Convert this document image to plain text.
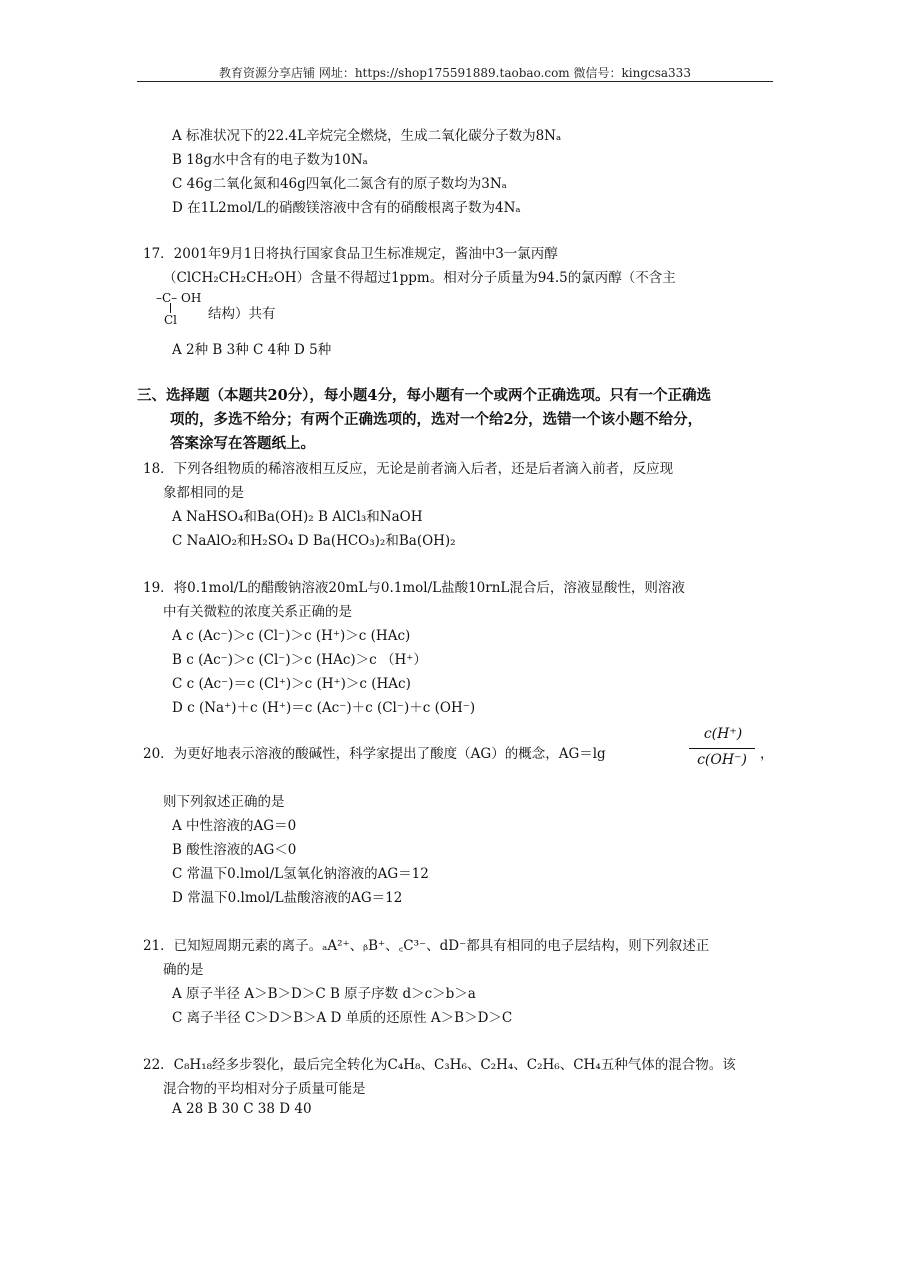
教育资源分享店铺 网址：https://shop175591889.taobao.com 微信号：kingcsa333
A 标准状况下的22.4L辛烷完全燃烧，生成二氧化碳分子数为8Nₐ
B 18g水中含有的电子数为10Nₐ
C 46g二氧化氮和46g四氧化二氮含有的原子数均为3Nₐ
D 在1L2mol/L的硝酸镁溶液中含有的硝酸根离子数为4Nₐ
17．2001年9月1日将执行国家食品卫生标准规定，酱油中3一氯丙醇
（ClCH₂CH₂CH₂OH）含量不得超过1ppm。相对分子质量为94.5的氯丙醇（不含主
–C– OH
Cl 结构）共有
A 2种 B 3种 C 4种 D 5种
三、选择题（本题共20分），每小题4分，每小题有一个或两个正确选项。只有一个正确选
项的，多选不给分；有两个正确选项的，选对一个给2分，选错一个该小题不给分，
答案涂写在答题纸上。
18．下列各组物质的稀溶液相互反应，无论是前者滴入后者，还是后者滴入前者，反应现
象都相同的是
A NaHSO₄和Ba(OH)₂ B AlCl₃和NaOH
C NaAlO₂和H₂SO₄ D Ba(HCO₃)₂和Ba(OH)₂
19．将0.1mol/L的醋酸钠溶液20mL与0.1mol/L盐酸10rnL混合后，溶液显酸性，则溶液
中有关微粒的浓度关系正确的是
A c (Ac⁻)＞c (Cl⁻)＞c (H⁺)＞c (HAc)
B c (Ac⁻)＞c (Cl⁻)＞c (HAc)＞c （H⁺）
C c (Ac⁻)＝c (Cl⁺)＞c (H⁺)＞c (HAc)
D c (Na⁺)＋c (H⁺)＝c (Ac⁻)＋c (Cl⁻)＋c (OH⁻)
20．为更好地表示溶液的酸碱性，科学家提出了酸度（AG）的概念，AG＝lg
c(H⁺)
c(OH⁻) ，
则下列叙述正确的是
A 中性溶液的AG＝0
B 酸性溶液的AG＜0
C 常温下0.lmol/L氢氧化钠溶液的AG＝12
D 常温下0.lmol/L盐酸溶液的AG＝12
21．已知短周期元素的离子。ₐA²⁺、ᵦB⁺、꜀C³⁻、dD⁻都具有相同的电子层结构，则下列叙述正
确的是
A 原子半径 A＞B＞D＞C B 原子序数 d＞c＞b＞a
C 离子半径 C＞D＞B＞A D 单质的还原性 A＞B＞D＞C
22．C₈H₁₈经多步裂化，最后完全转化为C₄H₈、C₃H₆、C₂H₄、C₂H₆、CH₄五种气体的混合物。该
混合物的平均相对分子质量可能是
A 28 B 30 C 38 D 40
